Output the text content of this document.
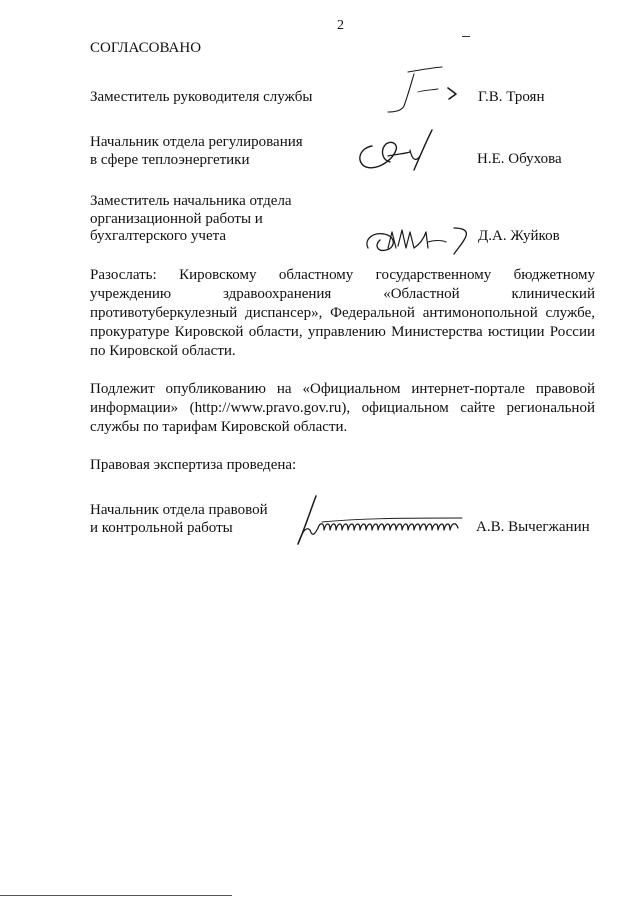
2
СОГЛАСОВАНО
Заместитель руководителя службы	Г.В. Троян
Начальник отдела регулирования
в сфере теплоэнергетики	Н.Е. Обухова
Заместитель начальника отдела
организационной работы и
бухгалтерского учета	Д.А. Жуйков
Разослать: Кировскому областному государственному бюджетному учреждению здравоохранения «Областной клинический противотуберкулезный диспансер», Федеральной антимонопольной службе, прокуратуре Кировской области, управлению Министерства юстиции России по Кировской области.
Подлежит опубликованию на «Официальном интернет-портале правовой информации» (http://www.pravo.gov.ru), официальном сайте региональной службы по тарифам Кировской области.
Правовая экспертиза проведена:
Начальник отдела правовой
и контрольной работы	А.В. Вычегжанин
